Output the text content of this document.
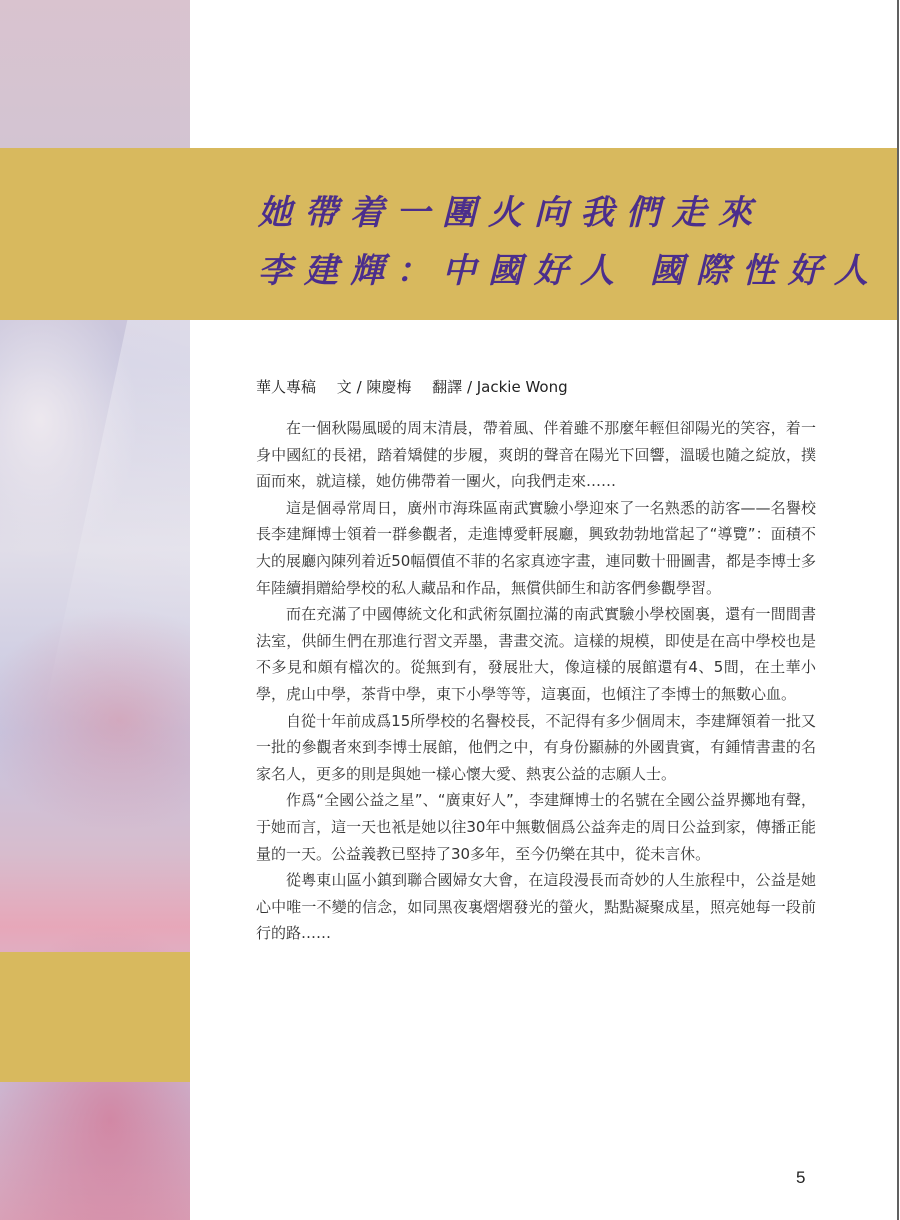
她帶着一團火向我們走來
李建輝：中國好人 國際性好人
華人專稿 文 / 陳慶梅 翻譯 / Jackie Wong

在一個秋陽風暖的周末清晨，帶着風、伴着雖不那麼年輕但卻陽光的笑容，着一身中國紅的長裙，踏着矯健的步履，爽朗的聲音在陽光下回響，溫暖也隨之綻放，撲面而來，就這樣，她仿佛帶着一團火，向我們走來……

這是個尋常周日，廣州市海珠區南武實驗小學迎來了一名熟悉的訪客——名譽校長李建輝博士領着一群參觀者，走進博愛軒展廳，興致勃勃地當起了“導覽”：面積不大的展廳內陳列着近50幅價值不菲的名家真迹字畫，連同數十冊圖書，都是李博士多年陸續捐贈給學校的私人藏品和作品，無償供師生和訪客們參觀學習。

而在充滿了中國傳統文化和武術氛圍拉滿的南武實驗小學校園裏，還有一間間書法室，供師生們在那進行習文弄墨，書畫交流。這樣的規模，即使是在高中學校也是不多見和頗有檔次的。從無到有，發展壯大，像這樣的展館還有4、5間，在土華小學，虎山中學，茶背中學，東下小學等等，這裏面，也傾注了李博士的無數心血。

自從十年前成爲15所學校的名譽校長，不記得有多少個周末，李建輝領着一批又一批的參觀者來到李博士展館，他們之中，有身份顯赫的外國貴賓，有鍾情書畫的名家名人，更多的則是與她一樣心懷大愛、熱衷公益的志願人士。

作爲“全國公益之星”、“廣東好人”，李建輝博士的名號在全國公益界擲地有聲，于她而言，這一天也衹是她以往30年中無數個爲公益奔走的周日公益到家，傳播正能量的一天。公益義教已堅持了30多年，至今仍樂在其中，從未言休。

從粵東山區小鎮到聯合國婦女大會，在這段漫長而奇妙的人生旅程中，公益是她心中唯一不變的信念，如同黑夜裏熠熠發光的螢火，點點凝聚成星，照亮她每一段前行的路……

5
